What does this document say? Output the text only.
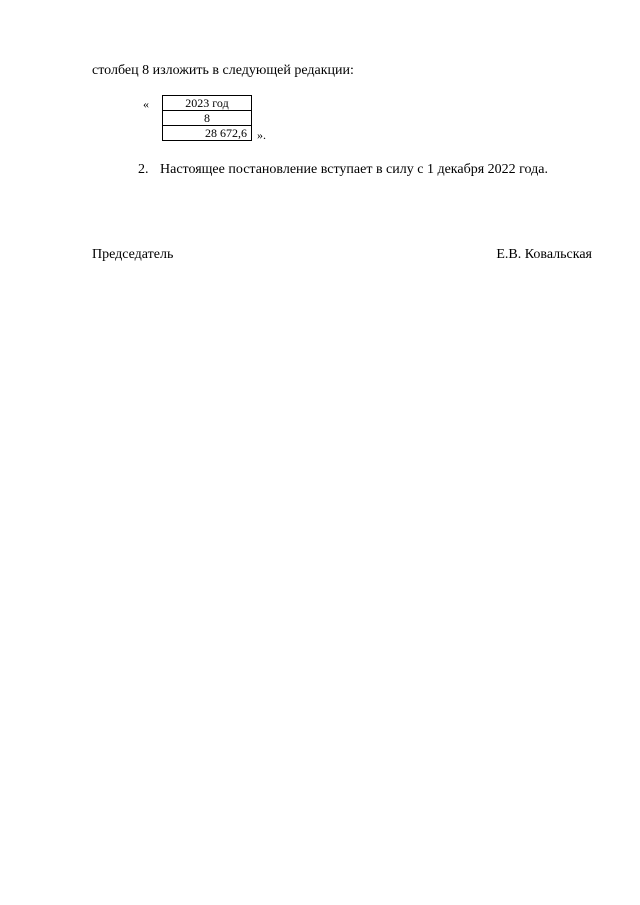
столбец 8 изложить в следующей редакции:
«	2023 год
8
28 672,6 ».
2. Настоящее постановление вступает в силу с 1 декабря 2022 года.
Председатель	Е.В. Ковальская
